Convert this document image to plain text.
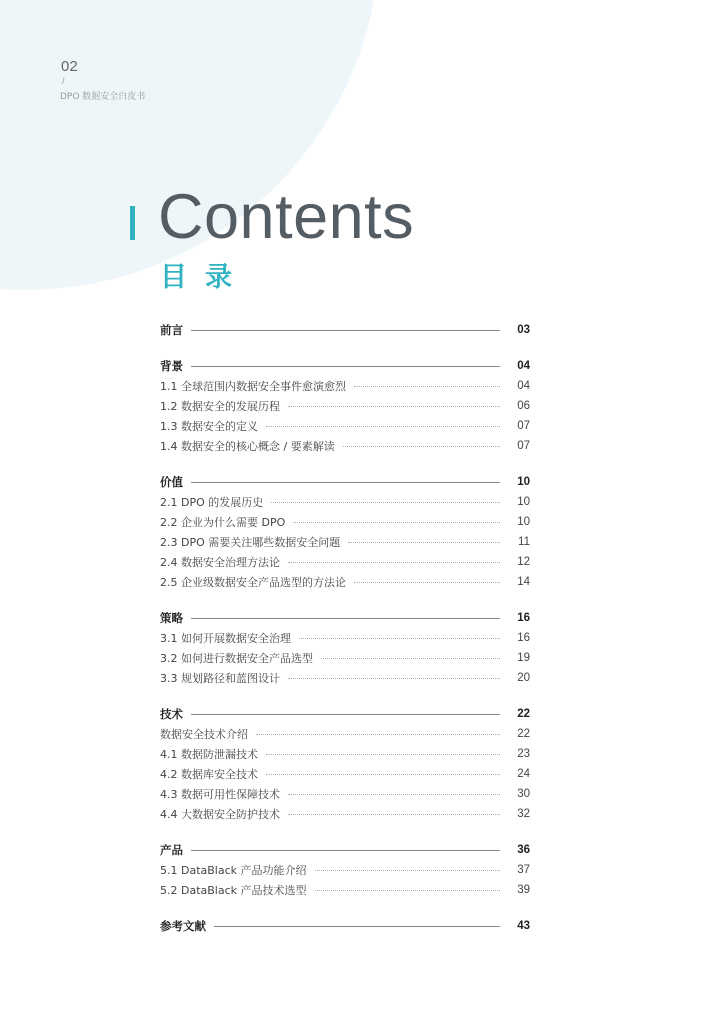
02
/
DPO 数据安全白皮书
Contents
目录
前言	03
背景	04
1.1 全球范围内数据安全事件愈演愈烈	04
1.2 数据安全的发展历程	06
1.3 数据安全的定义	07
1.4 数据安全的核心概念 / 要素解读	07
价值	10
2.1 DPO 的发展历史	10
2.2 企业为什么需要 DPO	10
2.3 DPO 需要关注哪些数据安全问题	11
2.4 数据安全治理方法论	12
2.5 企业级数据安全产品选型的方法论	14
策略	16
3.1 如何开展数据安全治理	16
3.2 如何进行数据安全产品选型	19
3.3 规划路径和蓝图设计	20
技术	22
数据安全技术介绍	22
4.1 数据防泄漏技术	23
4.2 数据库安全技术	24
4.3 数据可用性保障技术	30
4.4 大数据安全防护技术	32
产品	36
5.1 DataBlack 产品功能介绍	37
5.2 DataBlack 产品技术选型	39
参考文献	43
